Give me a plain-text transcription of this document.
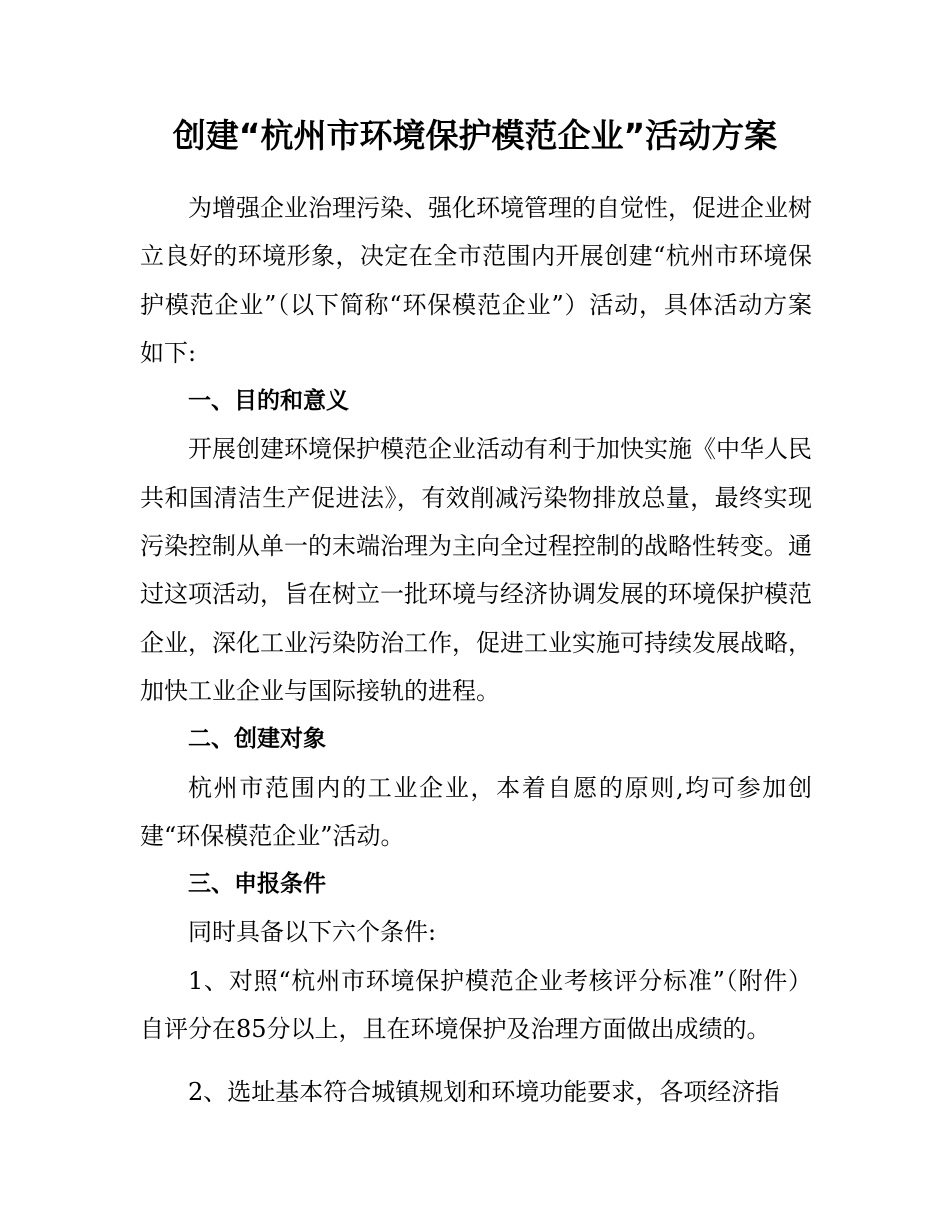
创建“杭州市环境保护模范企业”活动方案

为增强企业治理污染、强化环境管理的自觉性，促进企业树立良好的环境形象，决定在全市范围内开展创建“杭州市环境保护模范企业”（以下简称“环保模范企业”）活动，具体活动方案如下:

一、目的和意义

开展创建环境保护模范企业活动有利于加快实施《中华人民共和国清洁生产促进法》，有效削减污染物排放总量，最终实现污染控制从单一的末端治理为主向全过程控制的战略性转变。通过这项活动，旨在树立一批环境与经济协调发展的环境保护模范企业，深化工业污染防治工作，促进工业实施可持续发展战略，加快工业企业与国际接轨的进程。

二、创建对象

杭州市范围内的工业企业，本着自愿的原则,均可参加创建“环保模范企业”活动。

三、申报条件

同时具备以下六个条件:

1、对照“杭州市环境保护模范企业考核评分标准”（附件）自评分在85分以上，且在环境保护及治理方面做出成绩的。

2、选址基本符合城镇规划和环境功能要求，各项经济指
